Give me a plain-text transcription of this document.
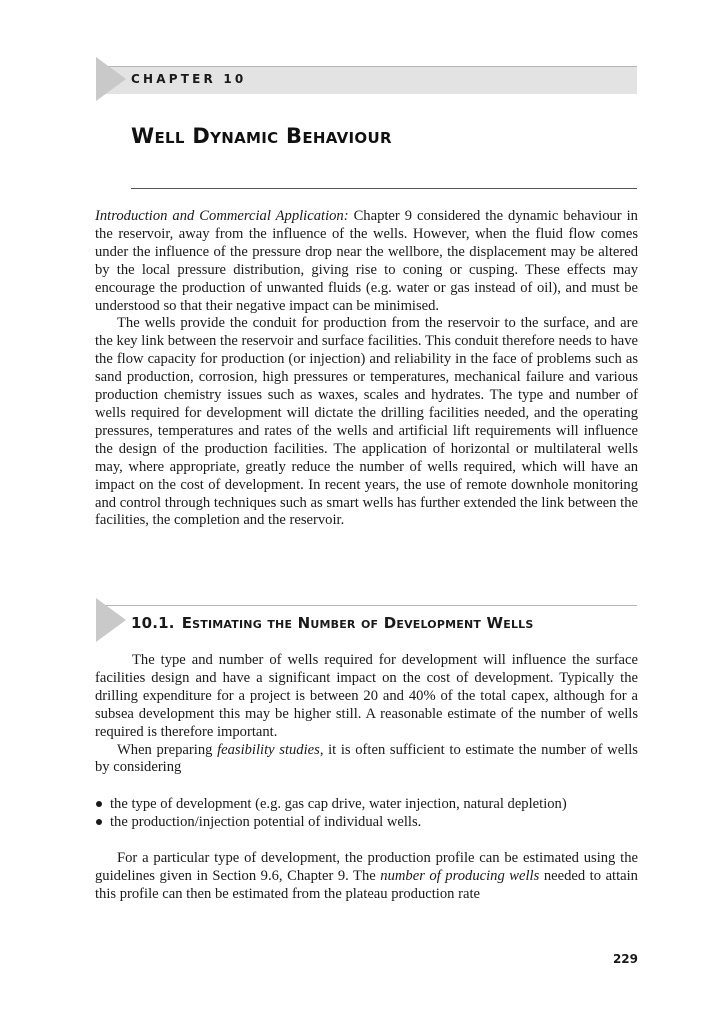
CHAPTER 10
Well Dynamic Behaviour

Introduction and Commercial Application: Chapter 9 considered the dynamic behaviour in the reservoir, away from the influence of the wells. However, when the fluid flow comes under the influence of the pressure drop near the wellbore, the displacement may be altered by the local pressure distribution, giving rise to coning or cusping. These effects may encourage the production of unwanted fluids (e.g. water or gas instead of oil), and must be understood so that their negative impact can be minimised.

The wells provide the conduit for production from the reservoir to the surface, and are the key link between the reservoir and surface facilities. This conduit therefore needs to have the flow capacity for production (or injection) and reliability in the face of problems such as sand production, corrosion, high pressures or temperatures, mechanical failure and various production chemistry issues such as waxes, scales and hydrates. The type and number of wells required for development will dictate the drilling facilities needed, and the operating pressures, temperatures and rates of the wells and artificial lift requirements will influence the design of the production facilities. The application of horizontal or multilateral wells may, where appropriate, greatly reduce the number of wells required, which will have an impact on the cost of development. In recent years, the use of remote downhole monitoring and control through techniques such as smart wells has further extended the link between the facilities, the completion and the reservoir.

10.1. Estimating the Number of Development Wells

The type and number of wells required for development will influence the surface facilities design and have a significant impact on the cost of development. Typically the drilling expenditure for a project is between 20 and 40% of the total capex, although for a subsea development this may be higher still. A reasonable estimate of the number of wells required is therefore important.

When preparing feasibility studies, it is often sufficient to estimate the number of wells by considering

the type of development (e.g. gas cap drive, water injection, natural depletion)
the production/injection potential of individual wells.

For a particular type of development, the production profile can be estimated using the guidelines given in Section 9.6, Chapter 9. The number of producing wells needed to attain this profile can then be estimated from the plateau production rate

229
